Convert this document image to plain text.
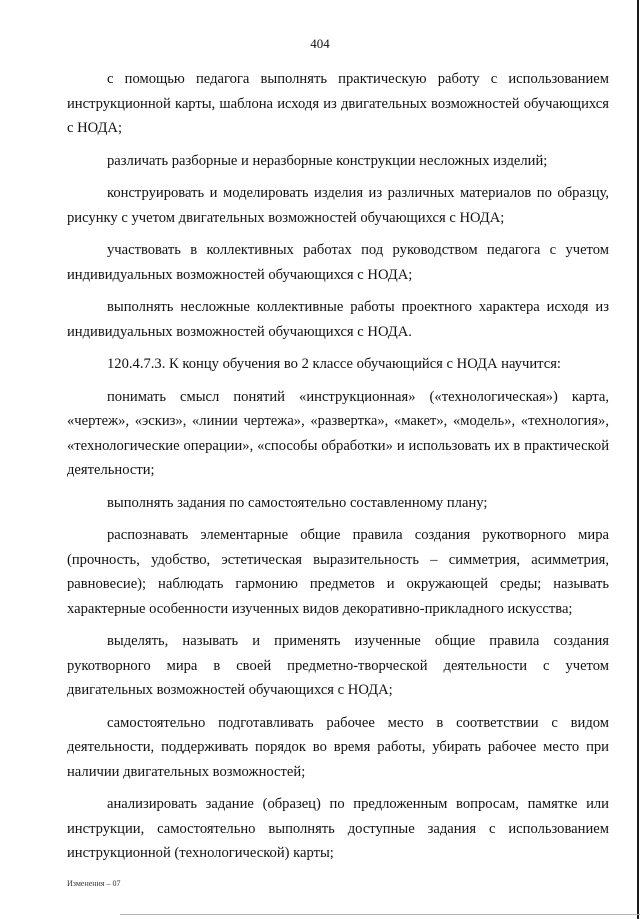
404

с помощью педагога выполнять практическую работу с использованием инструкционной карты, шаблона исходя из двигательных возможностей обучающихся с НОДА;

различать разборные и неразборные конструкции несложных изделий;

конструировать и моделировать изделия из различных материалов по образцу, рисунку с учетом двигательных возможностей обучающихся с НОДА;

участвовать в коллективных работах под руководством педагога с учетом индивидуальных возможностей обучающихся с НОДА;

выполнять несложные коллективные работы проектного характера исходя из индивидуальных возможностей обучающихся с НОДА.

120.4.7.3. К концу обучения во 2 классе обучающийся с НОДА научится:

понимать смысл понятий «инструкционная» («технологическая») карта, «чертеж», «эскиз», «линии чертежа», «развертка», «макет», «модель», «технология», «технологические операции», «способы обработки» и использовать их в практической деятельности;

выполнять задания по самостоятельно составленному плану;

распознавать элементарные общие правила создания рукотворного мира (прочность, удобство, эстетическая выразительность – симметрия, асимметрия, равновесие); наблюдать гармонию предметов и окружающей среды; называть характерные особенности изученных видов декоративно-прикладного искусства;

выделять, называть и применять изученные общие правила создания рукотворного мира в своей предметно-творческой деятельности с учетом двигательных возможностей обучающихся с НОДА;

самостоятельно подготавливать рабочее место в соответствии с видом деятельности, поддерживать порядок во время работы, убирать рабочее место при наличии двигательных возможностей;

анализировать задание (образец) по предложенным вопросам, памятке или инструкции, самостоятельно выполнять доступные задания с использованием инструкционной (технологической) карты;

Изменения – 07
